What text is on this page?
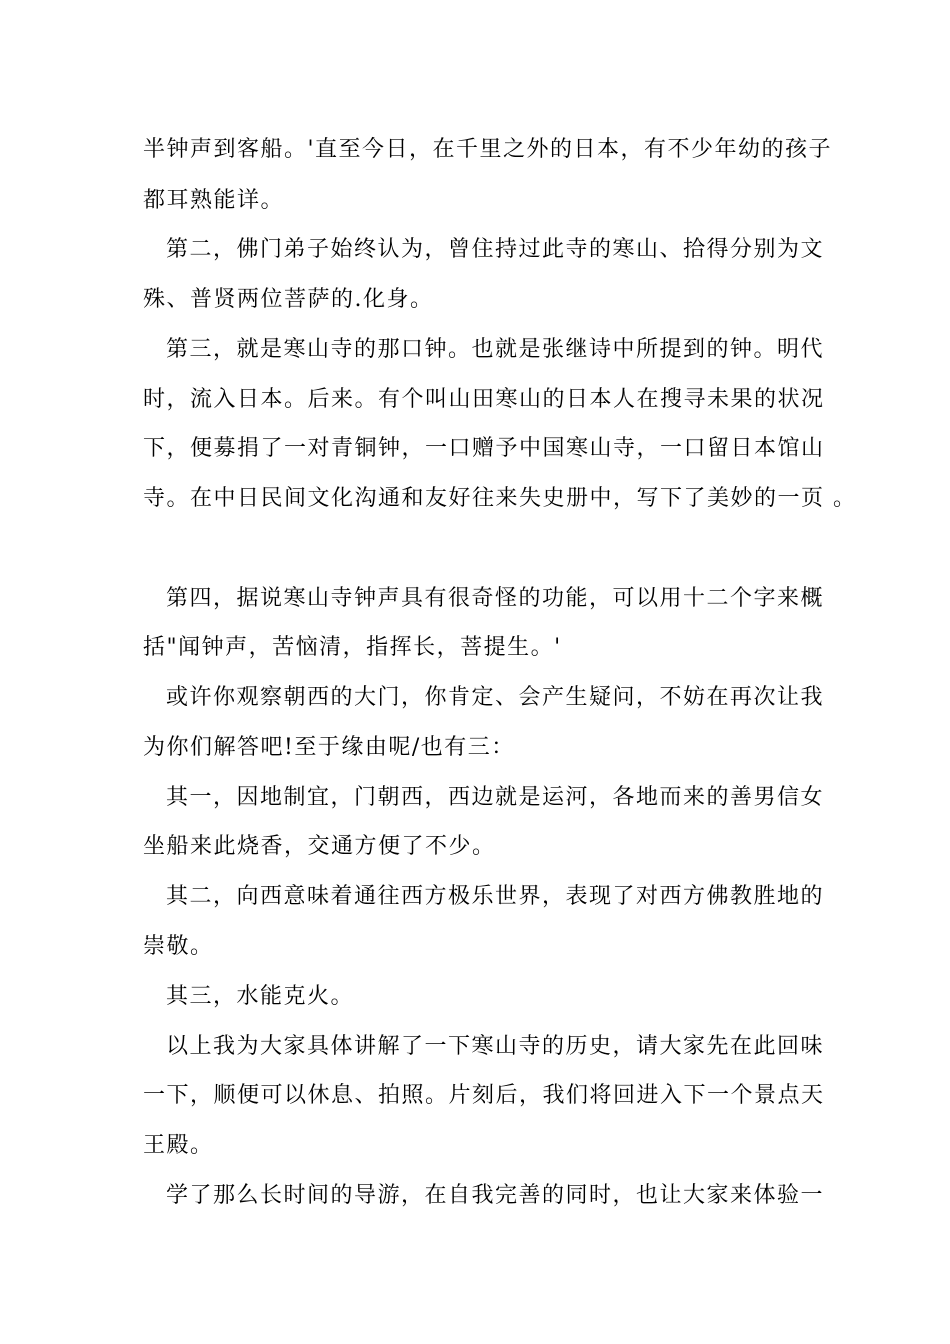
半钟声到客船。'直至今日，在千里之外的日本，有不少年幼的孩子
都耳熟能详。
第二，佛门弟子始终认为，曾住持过此寺的寒山、拾得分别为文
殊、普贤两位菩萨的.化身。
第三，就是寒山寺的那口钟。也就是张继诗中所提到的钟。明代
时，流入日本。后来。有个叫山田寒山的日本人在搜寻未果的状况
下，便募捐了一对青铜钟，一口赠予中国寒山寺，一口留日本馆山
寺。在中日民间文化沟通和友好往来失史册中，写下了美妙的一页 。
第四，据说寒山寺钟声具有很奇怪的功能，可以用十二个字来概
括"闻钟声，苦恼清，指挥长，菩提生。'
或许你观察朝西的大门，你肯定、会产生疑问，不妨在再次让我
为你们解答吧!至于缘由呢/也有三：
其一，因地制宜，门朝西，西边就是运河，各地而来的善男信女
坐船来此烧香，交通方便了不少。
其二，向西意味着通往西方极乐世界，表现了对西方佛教胜地的
崇敬。
其三，水能克火。
以上我为大家具体讲解了一下寒山寺的历史，请大家先在此回味
一下，顺便可以休息、拍照。片刻后，我们将回进入下一个景点天
王殿。
学了那么长时间的导游，在自我完善的同时，也让大家来体验一
